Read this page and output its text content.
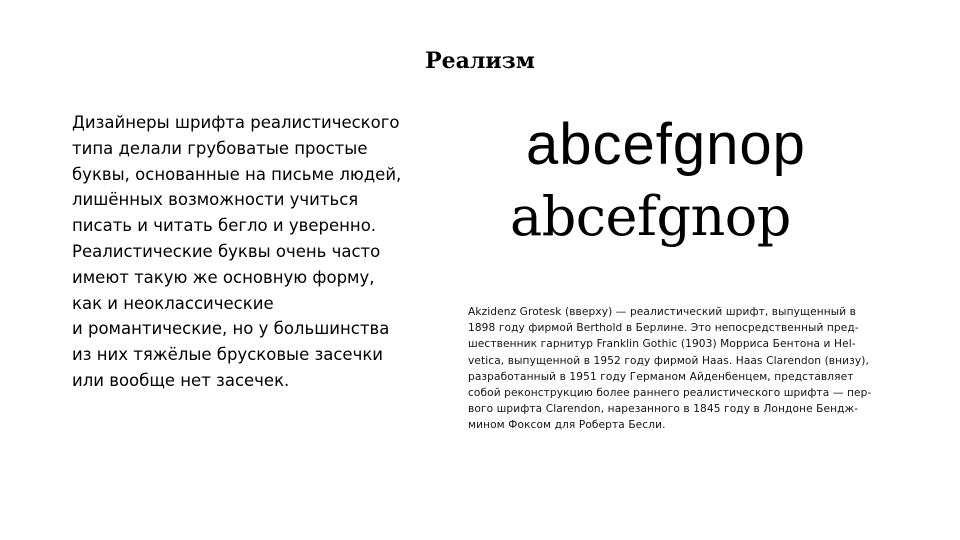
Реализм
Дизайнеры шрифта реалистического
типа делали грубоватые простые
буквы, основанные на письме людей,
лишённых возможности учиться
писать и читать бегло и уверенно.
Реалистические буквы очень часто
имеют такую же основную форму,
как и неоклассические
и романтические, но у большинства
из них тяжёлые брусковые засечки
или вообще нет засечек.
abcefgnop
abcefgnop
Akzidenz Grotesk (вверху) — реалистический шрифт, выпущенный в
1898 году фирмой Berthold в Берлине. Это непосредственный пред-
шественник гарнитур Franklin Gothic (1903) Морриса Бентона и Hel-
vetica, выпущенной в 1952 году фирмой Haas. Haas Clarendon (внизу),
разработанный в 1951 году Германом Айденбенцем, представляет
собой реконструкцию более раннего реалистического шрифта — пер-
вого шрифта Clarendon, нарезанного в 1845 году в Лондоне Бендж-
мином Фоксом для Роберта Бесли.
